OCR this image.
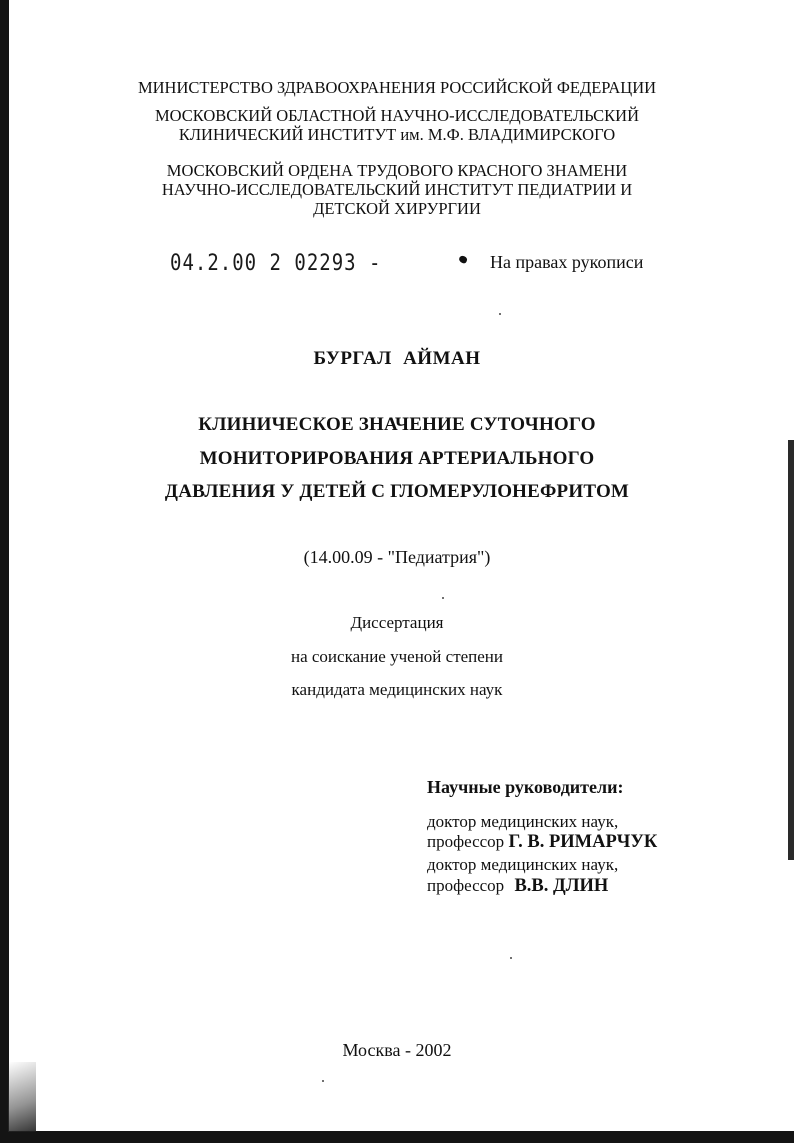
МИНИСТЕРСТВО ЗДРАВООХРАНЕНИЯ РОССИЙСКОЙ ФЕДЕРАЦИИ
МОСКОВСКИЙ ОБЛАСТНОЙ НАУЧНО-ИССЛЕДОВАТЕЛЬСКИЙ
КЛИНИЧЕСКИЙ ИНСТИТУТ им. М.Ф. ВЛАДИМИРСКОГО
МОСКОВСКИЙ ОРДЕНА ТРУДОВОГО КРАСНОГО ЗНАМЕНИ
НАУЧНО-ИССЛЕДОВАТЕЛЬСКИЙ ИНСТИТУТ ПЕДИАТРИИ И
ДЕТСКОЙ ХИРУРГИИ
04.2.00 2 02293 -	На правах рукописи
БУРГАЛ АЙМАН
КЛИНИЧЕСКОЕ ЗНАЧЕНИЕ СУТОЧНОГО
МОНИТОРИРОВАНИЯ АРТЕРИАЛЬНОГО
ДАВЛЕНИЯ У ДЕТЕЙ С ГЛОМЕРУЛОНЕФРИТОМ
(14.00.09 - "Педиатрия")
Диссертация
на соискание ученой степени
кандидата медицинских наук
Научные руководители:
доктор медицинских наук,
профессор Г. В. РИМАРЧУК
доктор медицинских наук,
профессор В.В. ДЛИН
Москва - 2002
